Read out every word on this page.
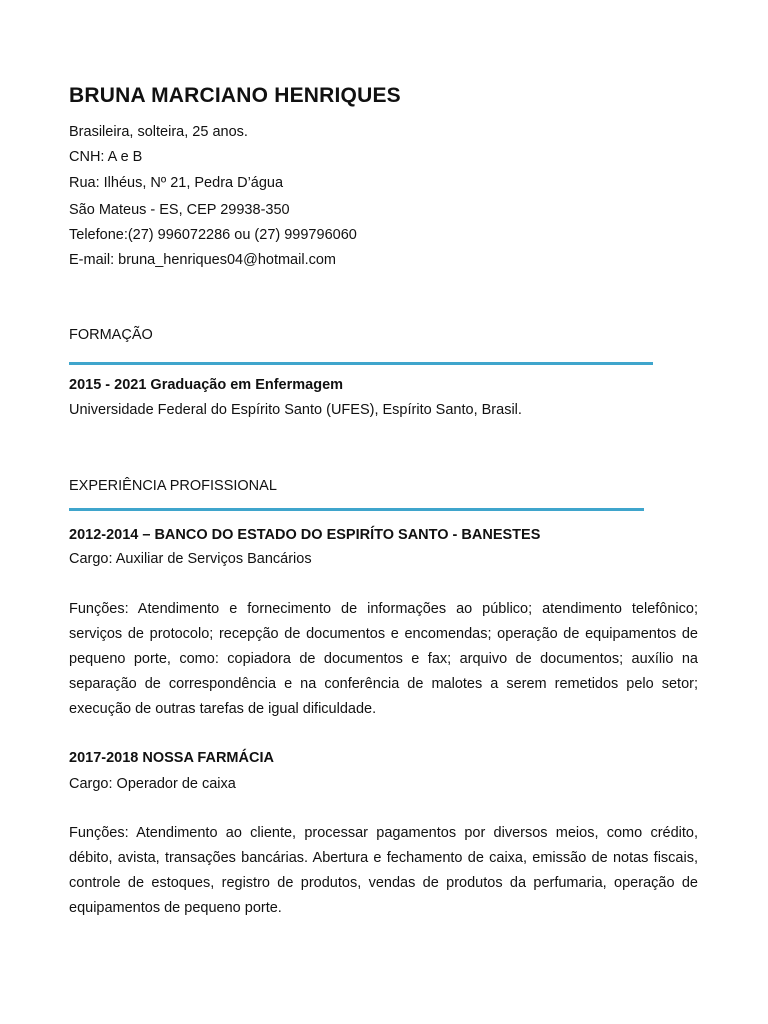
BRUNA MARCIANO HENRIQUES
Brasileira, solteira, 25 anos.
CNH: A e B
Rua: Ilhéus, Nº 21, Pedra D’água
São Mateus - ES, CEP 29938-350
Telefone:(27) 996072286 ou (27) 999796060
E-mail: bruna_henriques04@hotmail.com
FORMAÇÃO
2015 - 2021 Graduação em Enfermagem
Universidade Federal do Espírito Santo (UFES), Espírito Santo, Brasil.
EXPERIÊNCIA PROFISSIONAL
2012-2014 – BANCO DO ESTADO DO ESPIRÍTO SANTO - BANESTES
Cargo: Auxiliar de Serviços Bancários

Funções: Atendimento e fornecimento de informações ao público; atendimento telefônico; serviços de protocolo; recepção de documentos e encomendas; operação de equipamentos de pequeno porte, como: copiadora de documentos e fax; arquivo de documentos; auxílio na separação de correspondência e na conferência de malotes a serem remetidos pelo setor; execução de outras tarefas de igual dificuldade.

2017-2018 NOSSA FARMÁCIA
Cargo: Operador de caixa

Funções: Atendimento ao cliente, processar pagamentos por diversos meios, como crédito, débito, avista, transações bancárias. Abertura e fechamento de caixa, emissão de notas fiscais, controle de estoques, registro de produtos, vendas de produtos da perfumaria, operação de equipamentos de pequeno porte.
